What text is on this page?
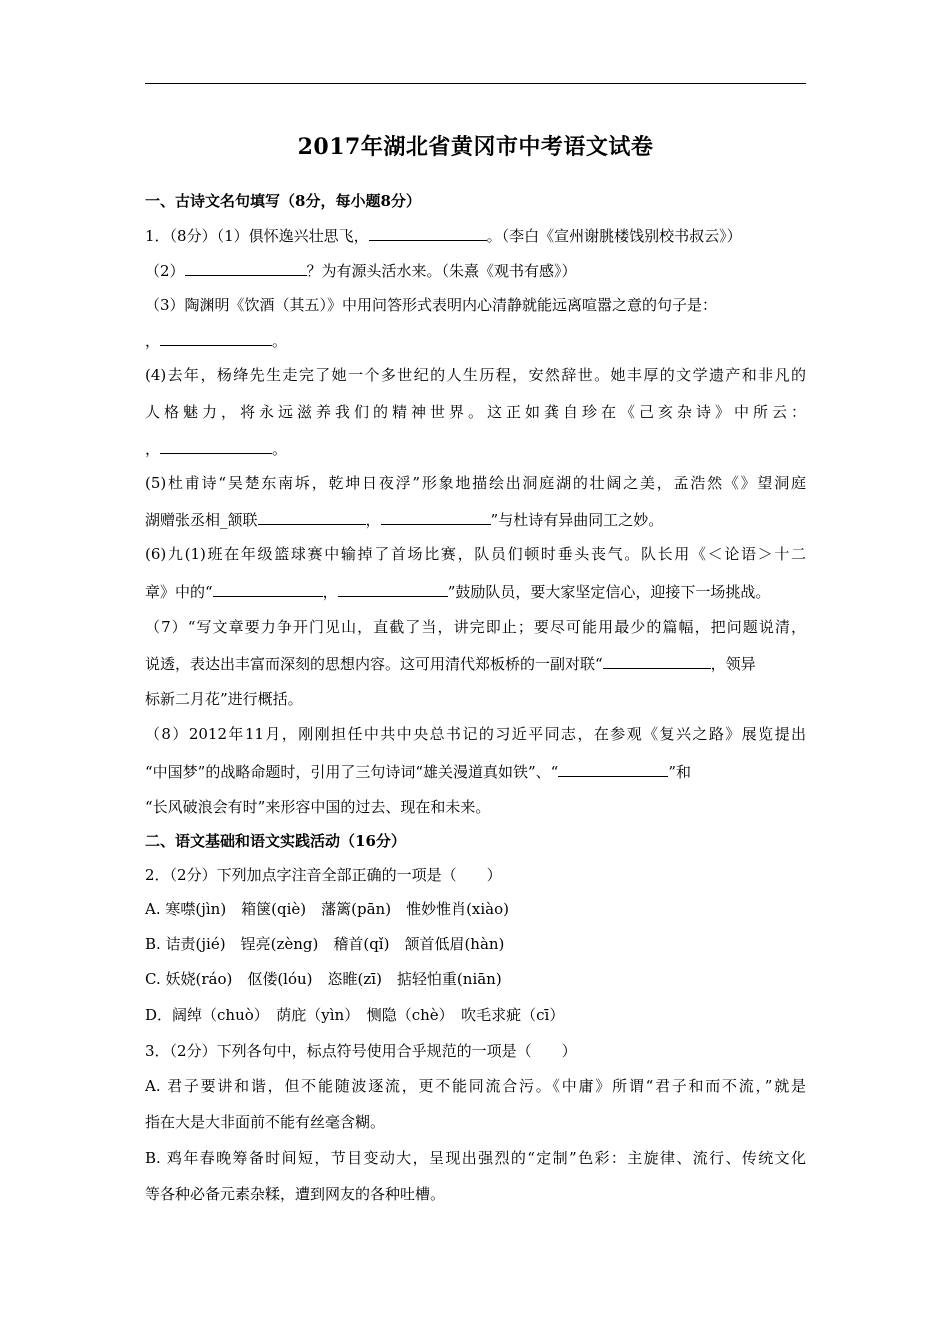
2017年湖北省黄冈市中考语文试卷
一、古诗文名句填写（8分，每小题8分）
1．（8分）（1）俱怀逸兴壮思飞，	。（李白《宣州谢朓楼饯别校书叔云》）
（2）	？为有源头活水来。（朱熹《观书有感》）
（3）陶渊明《饮酒（其五）》中用问答形式表明内心清静就能远离喧嚣之意的句子是：
，	。
(4)去年，杨绛先生走完了她一个多世纪的人生历程，安然辞世。她丰厚的文学遗产和非凡的
人格魅力，将永远滋养我们的精神世界。这正如龚自珍在《己亥杂诗》中所云：
，	。
(5)杜甫诗“吴楚东南坼，乾坤日夜浮”形象地描绘出洞庭湖的壮阔之美，孟浩然《》望洞庭
湖赠张丞相_颔联	，	”与杜诗有异曲同工之妙。
(6)九(1)班在年级篮球赛中输掉了首场比赛，队员们顿时垂头丧气。队长用《＜论语＞十二
章》中的“	，	”鼓励队员，要大家坚定信心，迎接下一场挑战。
（7）“写文章要力争开门见山，直截了当，讲完即止；要尽可能用最少的篇幅，把问题说清，
说透，表达出丰富而深刻的思想内容。这可用清代郑板桥的一副对联“	，领异
标新二月花”进行概括。
（8）2012年11月，刚刚担任中共中央总书记的习近平同志，在参观《复兴之路》展览提出
“中国梦”的战略命题时，引用了三句诗词“雄关漫道真如铁”、“	”和
“长风破浪会有时”来形容中国的过去、现在和未来。
二、语文基础和语文实践活动（16分）
2．（2分）下列加点字注音全部正确的一项是（　　）
A. 寒噤(jìn)　箱箧(qiè)　藩篱(pān)　惟妙惟肖(xiào)
B. 诘责(jié)　锃亮(zèng)　稽首(qǐ)　颔首低眉(hàn)
C. 妖娆(ráo)　伛偻(lóu)　恣睢(zī)　掂轻怕重(niān)
D．阔绰（chuò）　荫庇（yìn）　恻隐（chè）　吹毛求疵（cī）
3．（2分）下列各句中，标点符号使用合乎规范的一项是（　　）
A. 君子要讲和谐，但不能随波逐流，更不能同流合污。《中庸》所谓“君子和而不流，”就是
指在大是大非面前不能有丝毫含糊。
B. 鸡年春晚筹备时间短，节目变动大，呈现出强烈的“定制”色彩：主旋律、流行、传统文化
等各种必备元素杂糅，遭到网友的各种吐槽。
